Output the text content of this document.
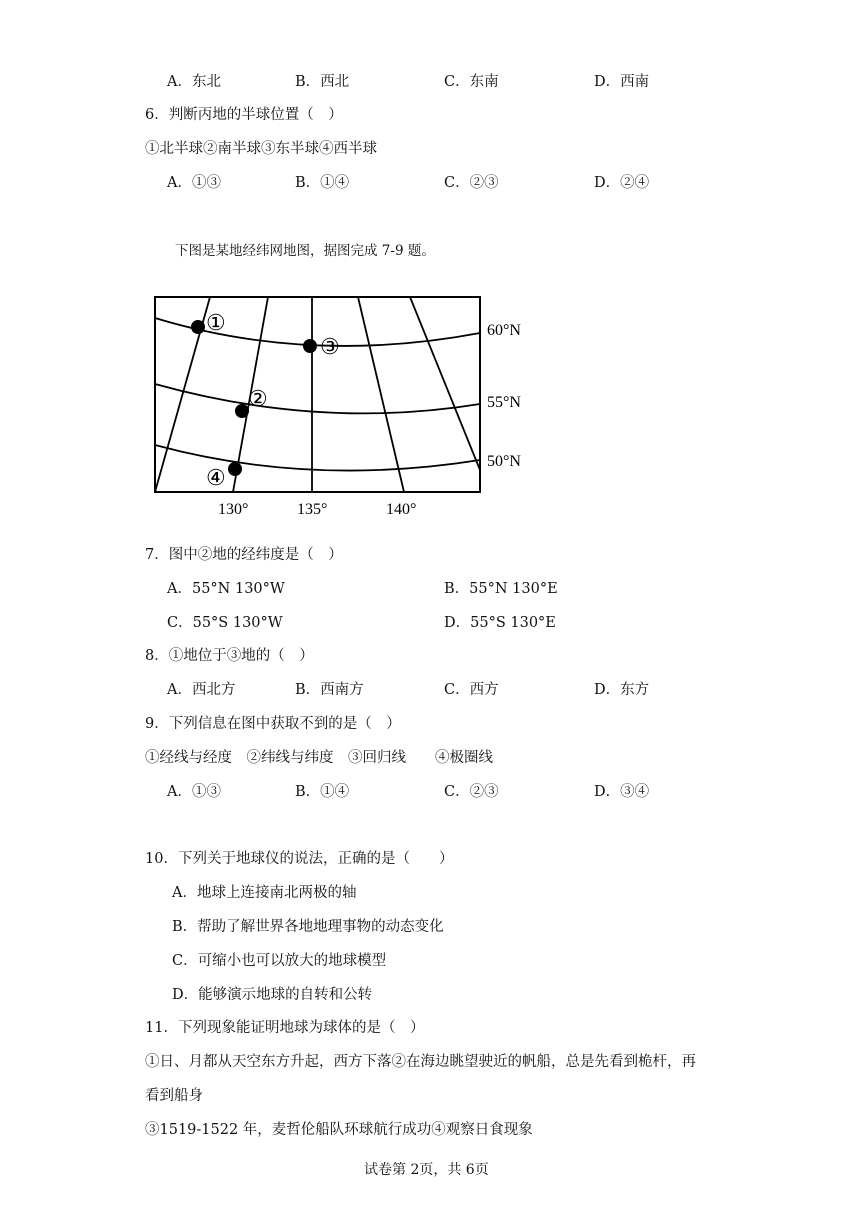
A．东北	B．西北	C．东南	D．西南
6．判断丙地的半球位置（　）
①北半球②南半球③东半球④西半球
A．①③	B．①④	C．②③	D．②④
下图是某地经纬网地图，据图完成 7-9 题。
①
③
②
④
60°N
55°N
50°N
130°	135°	140°
7．图中②地的经纬度是（　）
A．55°N 130°W	B．55°N 130°E
C．55°S 130°W	D．55°S 130°E
8．①地位于③地的（　）
A．西北方	B．西南方	C．西方	D．东方
9．下列信息在图中获取不到的是（　）
①经线与经度　②纬线与纬度　③回归线　　④极圈线
A．①③	B．①④	C．②③	D．③④
10．下列关于地球仪的说法，正确的是（　　）
A．地球上连接南北两极的轴
B．帮助了解世界各地地理事物的动态变化
C．可缩小也可以放大的地球模型
D．能够演示地球的自转和公转
11．下列现象能证明地球为球体的是（　）
①日、月都从天空东方升起，西方下落②在海边眺望驶近的帆船，总是先看到桅杆，再
看到船身
③1519-1522 年，麦哲伦船队环球航行成功④观察日食现象
试卷第 2页，共 6页
